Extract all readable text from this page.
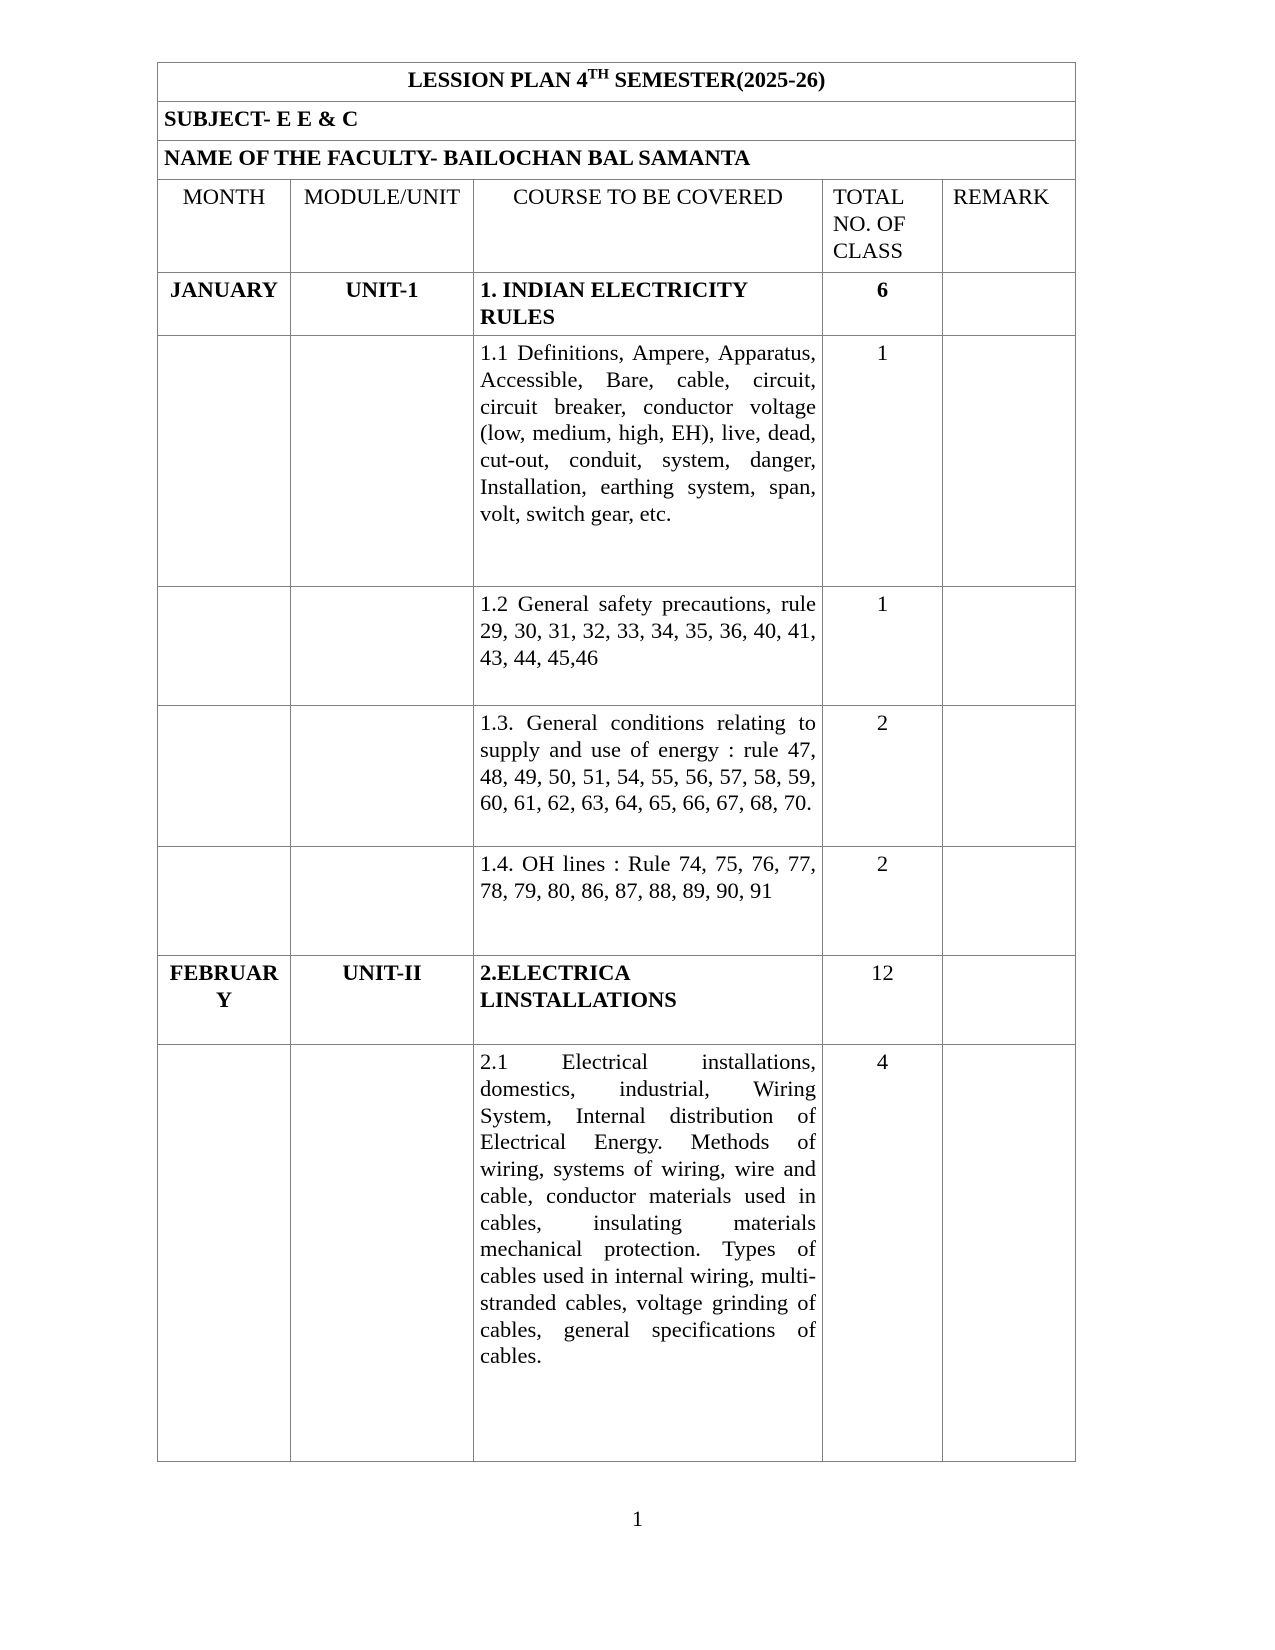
LESSION PLAN 4TH SEMESTER(2025-26)				
SUBJECT- E E & C				
NAME OF THE FACULTY- BAILOCHAN BAL SAMANTA				
MONTH	MODULE/UNIT	COURSE TO BE COVERED	TOTAL NO. OF CLASS	REMARK
JANUARY	UNIT-1	1. INDIAN ELECTRICITY RULES	6	
		1.1 Definitions, Ampere, Apparatus, Accessible, Bare, cable, circuit, circuit breaker, conductor voltage (low, medium, high, EH), live, dead, cut-out, conduit, system, danger, Installation, earthing system, span, volt, switch gear, etc.	1	
		1.2 General safety precautions, rule 29, 30, 31, 32, 33, 34, 35, 36, 40, 41, 43, 44, 45,46	1	
		1.3. General conditions relating to supply and use of energy : rule 47, 48, 49, 50, 51, 54, 55, 56, 57, 58, 59, 60, 61, 62, 63, 64, 65, 66, 67, 68, 70.	2	
		1.4. OH lines : Rule 74, 75, 76, 77, 78, 79, 80, 86, 87, 88, 89, 90, 91	2	

FEBRUARY	UNIT-II	2.ELECTRICA LINSTALLATIONS	12	
		2.1 Electrical installations, domestics, industrial, Wiring System, Internal distribution of Electrical Energy. Methods of wiring, systems of wiring, wire and cable, conductor materials used in cables, insulating materials mechanical protection. Types of cables used in internal wiring, multi-stranded cables, voltage grinding of cables, general specifications of cables.	4	
1
